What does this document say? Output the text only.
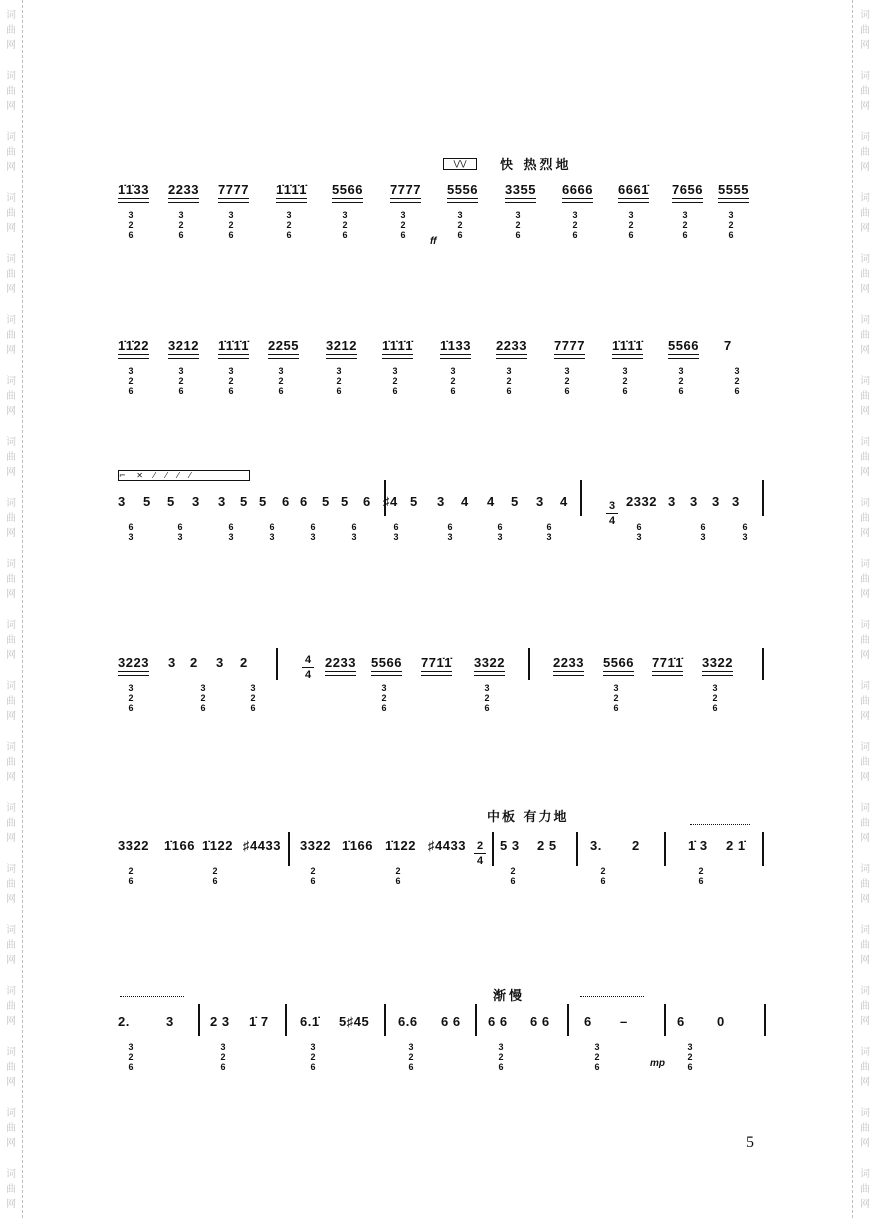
词
曲
网
词
曲
网
词
曲
网
词
曲
网
词
曲
网
词
曲
网
词
曲
网
词
曲
网
词
曲
网
词
曲
网
词
曲
网
词
曲
网
词
曲
网
词
曲
网
词
曲
网
词
曲
网
词
曲
网
词
曲
网
词
曲
网
词
曲
网
词
曲
网
词
曲
网
词
曲
网
词
曲
网
词
曲
网
词
曲
网
词
曲
网
词
曲
网
词
曲
网
词
曲
网
词
曲
网
词
曲
网
词
曲
网
词
曲
网
词
曲
网
词
曲
网
词
曲
网
词
曲
网
词
曲
网
词
曲
网
⋁⋁	快 热烈地
1̇1̇33
3
2
6
2233
3
2
6
7777
3
2
6
1̇1̇1̇1̇
3
2
6
5566
3
2
6
7777
3
2
6
5556
3
2
6
3355
3
2
6
6666
3
2
6
6661̇
3
2
6
7656
3
2
6
5555
3
2
6
ff
⌐ ✕ ⁄ ⁄ ⁄ ⁄
1̇1̇22
3
2
6
3212
3
2
6
1̇1̇1̇1̇
3
2
6
2255
3
2
6
3212
3
2
6
1̇1̇1̇1̇
3
2
6
1̇133
3
2
6
2233
3
2
6
7777
3
2
6
1̇1̇1̇1̇
3
2
6
5566
3
2
6
7
3
2
6
3
6
3
5 5
6
3
3 3
6
3
5 5
6
3
6 6
6
3
5 5
6
3
6 ♯4
6
3
5 3
6
3
4 4
6
3
5 3
6
3
4	2332
6
3
3 3
6
3
3 3
6
3
3
4
3223
3
2
6
3 2
3
2
6
3 2
3
2
6
2233 5566
3
2
6
771̇1̇ 3322
3
2
6
2233 5566
3
2
6
771̇1̇ 3322
3
2
6
4
4
中板 有力地
3322
2
6
1̇166 1̇122
2
6
♯4433 3322
2
6
1̇166 1̇122
2
6
♯4433	5 3
2
6
2 5	3.
2
6
2	1̇ 3
2
6
2 1̇
2
4
渐慢
2.
3
2
6
3	2 3
3
2
6
1̇ 7 6.1̇
3
2
6
5♯45 6.6
3
2
6
6 6 6 6
3
2
6
6 6	6
3
2
6
–	6
3
2
6
0
mp
5
